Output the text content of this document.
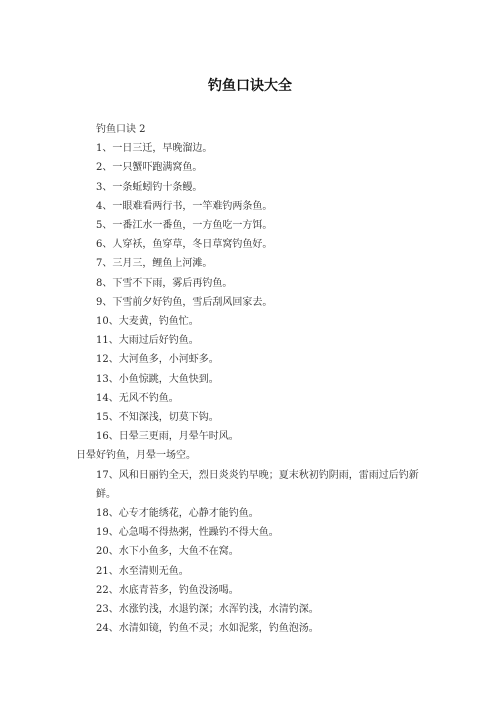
钓鱼口诀大全
钓鱼口诀 2
1、一日三迁，早晚溜边。
2、一只蟹吓跑满窝鱼。
3、一条蚯蚓钓十条鳗。
4、一眼难看两行书，一竿难钓两条鱼。
5、一番江水一番鱼，一方鱼吃一方饵。
6、人穿袄，鱼穿草，冬日草窝钓鱼好。
7、三月三，鲤鱼上河滩。
8、下雪不下雨，雾后再钓鱼。
9、下雪前夕好钓鱼，雪后刮风回家去。
10、大麦黄，钓鱼忙。
11、大雨过后好钓鱼。
12、大河鱼多，小河虾多。
13、小鱼惊跳，大鱼快到。
14、无风不钓鱼。
15、不知深浅，切莫下钩。
16、日晕三更雨，月晕午时风。
日晕好钓鱼，月晕一场空。
17、风和日丽钓全天，烈日炎炎钓早晚；夏末秋初钓阴雨，雷雨过后钓新鲜。
18、心专才能绣花，心静才能钓鱼。
19、心急喝不得热粥，性躁钓不得大鱼。
20、水下小鱼多，大鱼不在窝。
21、水至清则无鱼。
22、水底青苔多，钓鱼没汤喝。
23、水涨钓浅，水退钓深；水浑钓浅，水清钓深。
24、水清如镜，钓鱼不灵；水如泥浆，钓鱼泡汤。
